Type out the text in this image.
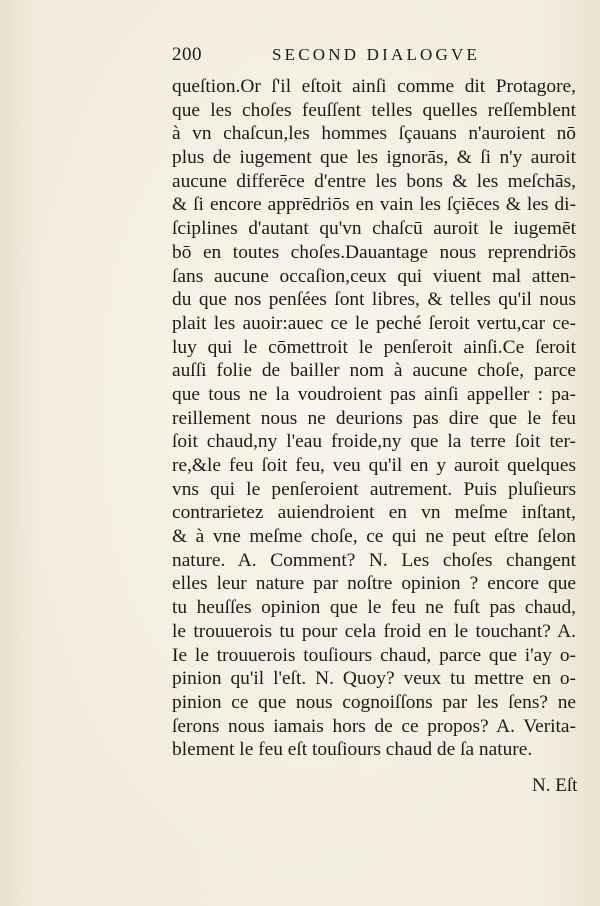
200	SECOND DIALOGVE
queſtion.Or ſ'il eſtoit ainſi comme dit Protagore,
que les choſes feuſſent telles quelles reſſemblent
à vn chaſcun,les hommes ſçauans n'auroient nō
plus de iugement que les ignorās, & ſi n'y auroit
aucune differēce d'entre les bons & les meſchās,
& ſi encore apprēdriōs en vain les ſçiēces & les di-
ſciplines d'autant qu'vn chaſcū auroit le iugemēt
bō en toutes choſes.Dauantage nous reprendriōs
ſans aucune occaſion,ceux qui viuent mal atten-
du que nos penſées ſont libres, & telles qu'il nous
plait les auoir:auec ce le peché ſeroit vertu,car ce-
luy qui le cōmettroit le penſeroit ainſi.Ce ſeroit
auſſi folie de bailler nom à aucune choſe, parce
que tous ne la voudroient pas ainſi appeller : pa-
reillement nous ne deurions pas dire que le feu
ſoit chaud,ny l'eau froide,ny que la terre ſoit ter-
re,&le feu ſoit feu, veu qu'il en y auroit quelques
vns qui le penſeroient autrement. Puis pluſieurs
contrarietez auiendroient en vn meſme inſtant,
& à vne meſme choſe, ce qui ne peut eſtre ſelon
nature. A. Comment? N. Les choſes changent
elles leur nature par noſtre opinion ? encore que
tu heuſſes opinion que le feu ne fuſt pas chaud,
le trouuerois tu pour cela froid en le touchant? A.
Ie le trouuerois touſiours chaud, parce que i'ay o-
pinion qu'il l'eſt. N. Quoy? veux tu mettre en o-
pinion ce que nous cognoiſſons par les ſens? ne
ſerons nous iamais hors de ce propos? A. Verita-
blement le feu eſt touſiours chaud de ſa nature.
N. Eſt
